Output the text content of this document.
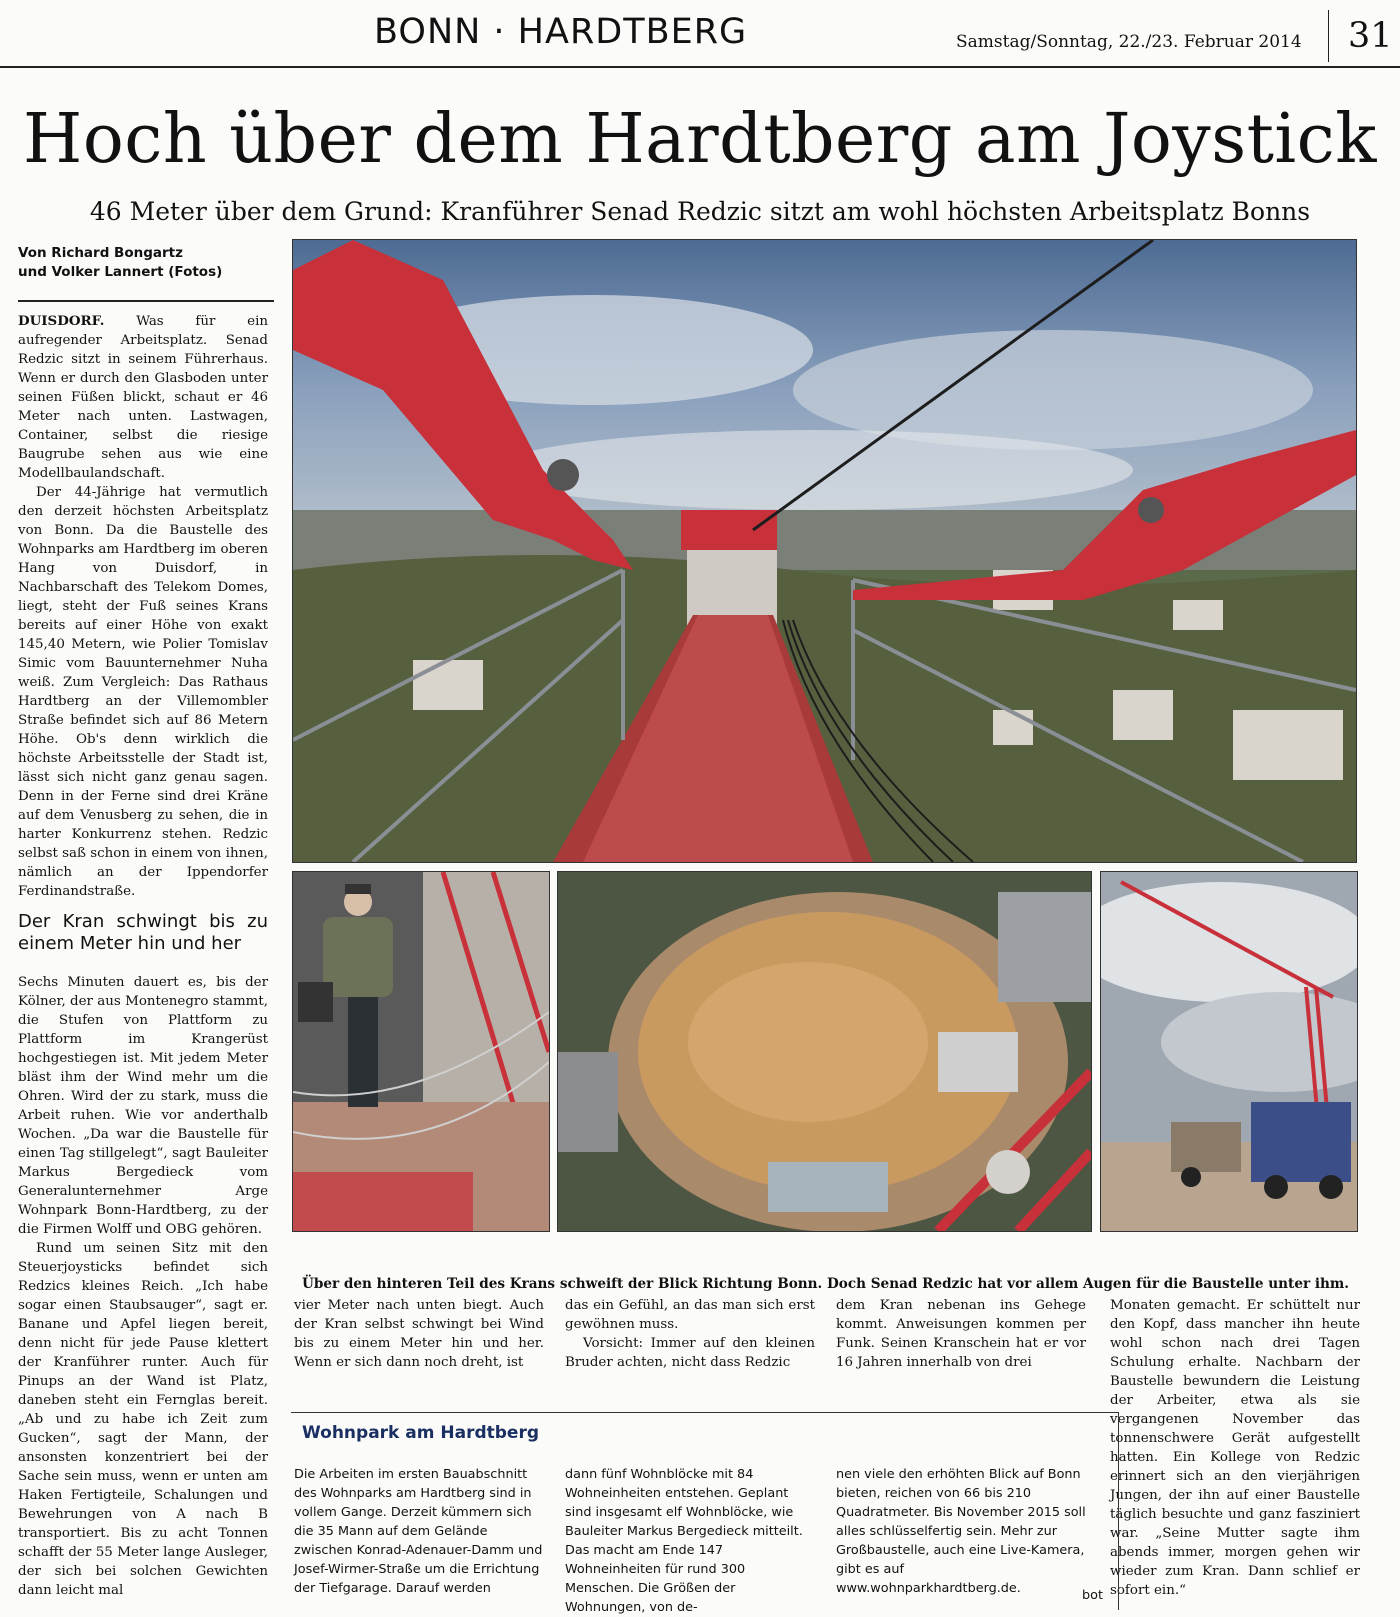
BONN · HARDTBERG	Samstag/Sonntag, 22./23. Februar 2014 31
Hoch über dem Hardtberg am Joystick
46 Meter über dem Grund: Kranführer Senad Redzic sitzt am wohl höchsten Arbeitsplatz Bonns
Von Richard Bongartz
und Volker Lannert (Fotos)

DUISDORF. Was für ein aufregender Arbeitsplatz. Senad Redzic sitzt in seinem Führerhaus. Wenn er durch den Glasboden unter seinen Füßen blickt, schaut er 46 Meter nach unten. Lastwagen, Container, selbst die riesige Baugrube sehen aus wie eine Modellbaulandschaft.

Der 44-Jährige hat vermutlich den derzeit höchsten Arbeitsplatz von Bonn. Da die Baustelle des Wohnparks am Hardtberg im oberen Hang von Duisdorf, in Nachbarschaft des Telekom Domes, liegt, steht der Fuß seines Krans bereits auf einer Höhe von exakt 145,40 Metern, wie Polier Tomislav Simic vom Bauunternehmer Nuha weiß. Zum Vergleich: Das Rathaus Hardtberg an der Villemombler Straße befindet sich auf 86 Metern Höhe. Ob's denn wirklich die höchste Arbeitsstelle der Stadt ist, lässt sich nicht ganz genau sagen. Denn in der Ferne sind drei Kräne auf dem Venusberg zu sehen, die in harter Konkurrenz stehen. Redzic selbst saß schon in einem von ihnen, nämlich an der Ippendorfer Ferdinandstraße.

Der Kran schwingt bis zu einem Meter hin und her

Sechs Minuten dauert es, bis der Kölner, der aus Montenegro stammt, die Stufen von Plattform zu Plattform im Krangerüst hochgestiegen ist. Mit jedem Meter bläst ihm der Wind mehr um die Ohren. Wird der zu stark, muss die Arbeit ruhen. Wie vor anderthalb Wochen. „Da war die Baustelle für einen Tag stillgelegt“, sagt Bauleiter Markus Bergedieck vom Generalunternehmer Arge Wohnpark Bonn-Hardtberg, zu der die Firmen Wolff und OBG gehören.

Rund um seinen Sitz mit den Steuerjoysticks befindet sich Redzics kleines Reich. „Ich habe sogar einen Staubsauger“, sagt er. Banane und Apfel liegen bereit, denn nicht für jede Pause klettert der Kranführer runter. Auch für Pinups an der Wand ist Platz, daneben steht ein Fernglas bereit. „Ab und zu habe ich Zeit zum Gucken“, sagt der Mann, der ansonsten konzentriert bei der Sache sein muss, wenn er unten am Haken Fertigteile, Schalungen und Bewehrungen von A nach B transportiert. Bis zu acht Tonnen schafft der 55 Meter lange Ausleger, der sich bei solchen Gewichten dann leicht mal

Über den hinteren Teil des Krans schweift der Blick Richtung Bonn. Doch Senad Redzic hat vor allem Augen für die Baustelle unter ihm.

vier Meter nach unten biegt. Auch der Kran selbst schwingt bei Wind bis zu einem Meter hin und her. Wenn er sich dann noch dreht, ist

das ein Gefühl, an das man sich erst gewöhnen muss.

Vorsicht: Immer auf den kleinen Bruder achten, nicht dass Redzic

dem Kran nebenan ins Gehege kommt. Anweisungen kommen per Funk. Seinen Kranschein hat er vor 16 Jahren innerhalb von drei

Monaten gemacht. Er schüttelt nur den Kopf, dass mancher ihn heute wohl schon nach drei Tagen Schulung erhalte. Nachbarn der Baustelle bewundern die Leistung der Arbeiter, etwa als sie vergangenen November das tonnenschwere Gerät aufgestellt hatten. Ein Kollege von Redzic erinnert sich an den vierjährigen Jungen, der ihn auf einer Baustelle täglich besuchte und ganz fasziniert war. „Seine Mutter sagte ihm abends immer, morgen gehen wir wieder zum Kran. Dann schlief er sofort ein.“

Wohnpark am Hardtberg

Die Arbeiten im ersten Bauabschnitt des Wohnparks am Hardtberg sind in vollem Gange. Derzeit kümmern sich die 35 Mann auf dem Gelände zwischen Konrad-Adenauer-Damm und Josef-Wirmer-Straße um die Errichtung der Tiefgarage. Darauf werden

dann fünf Wohnblöcke mit 84 Wohneinheiten entstehen. Geplant sind insgesamt elf Wohnblöcke, wie Bauleiter Markus Bergedieck mitteilt. Das macht am Ende 147 Wohneinheiten für rund 300 Menschen. Die Größen der Wohnungen, von de-

nen viele den erhöhten Blick auf Bonn bieten, reichen von 66 bis 210 Quadratmeter. Bis November 2015 soll alles schlüsselfertig sein. Mehr zur Großbaustelle, auch eine Live-Kamera, gibt es auf www.wohnparkhardtberg.de.	bot
